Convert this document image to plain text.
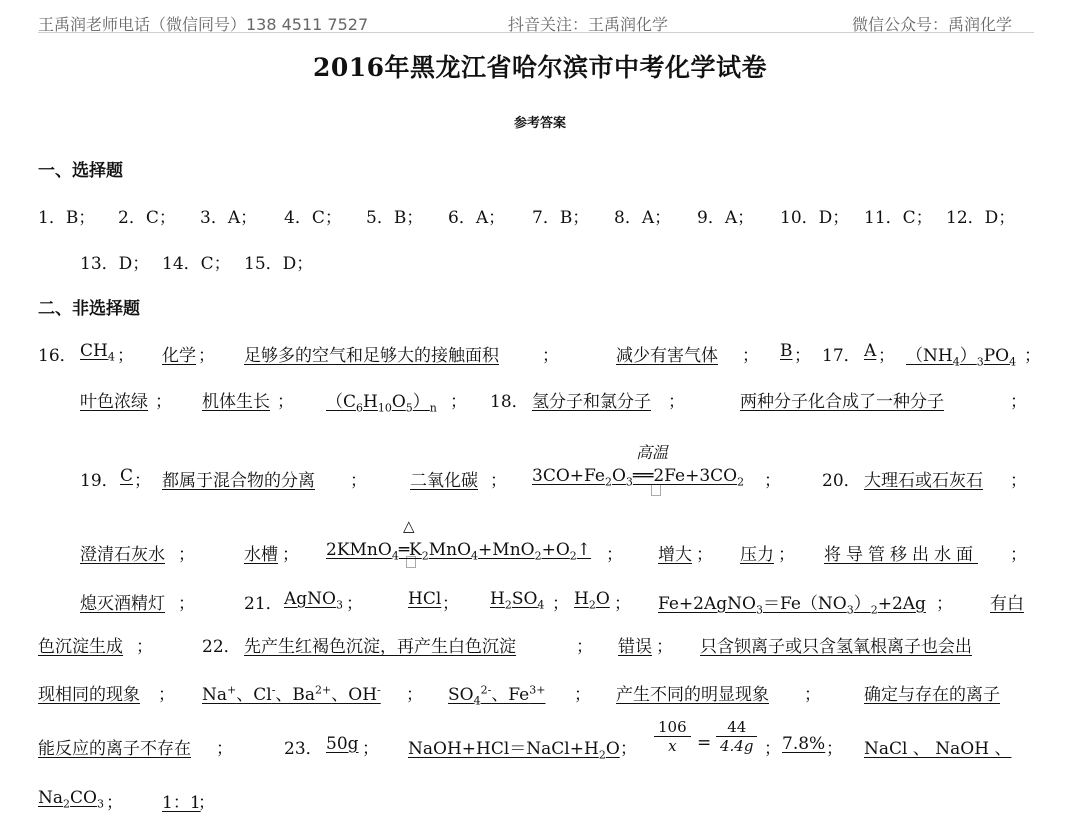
王禹润老师电话（微信同号）138 4511 7527	抖音关注：王禹润化学	微信公众号：禹润化学
2016年黑龙江省哈尔滨市中考化学试卷
参考答案
一、选择题
1．B； 2．C； 3．A； 4．C； 5．B； 6．A； 7．B； 8．A； 9．A； 10．D； 11．C； 12．D；
13．D； 14．C； 15．D；
二、非选择题
16． $CH_4$ ； 化学 ； 足够多的空气和足够大的接触面积	；	减少有害气体 ； B ； 17． A ； $(NH_4)_3PO_4$ ；
叶色浓绿 ； 机体生长 ； $(C_6H_{10}O_5)_n$ ； 18． 氢分子和氯分子 ；	两种分子化合成了一种分子	；
高温
19． C ； 都属于混合物的分离 ；	二氧化碳 ； $3CO+Fe_2O_3══2Fe+3CO_2$ ； 20． 大理石或石灰石 ；
△
澄清石灰水 ；	水槽 ； $2KMnO_4═K_2MnO_4+MnO_2+O_2↑$ ； 增大 ； 压力 ； 将导管移出水面 ；
熄灭酒精灯 ；	21． AgNO$_3$ ；	HCl ； $H_2SO_4$ ； $H_2O$ ； $Fe+2AgNO_3=Fe(NO_3)_2+2Ag$ ； 有白
色沉淀生成 ；	22． 先产生红褐色沉淀，再产生白色沉淀	； 错误 ； 只含钡离子或只含氢氧根离子也会出
现相同的现象 ； Na+、Cl-、$Ba^{2+}$、OH- ； $SO_4^{2-}$、$Fe^{3+}$ ； 产生不同的明显现象 ；	确定与存在的离子
$\frac{106}{x} = \frac{44}{4.4g}$
能反应的离子不存在 ；	23． 50g ； $NaOH+HCl=NaCl+H_2O$ ；	； 7.8% ； NaCl 、 NaOH 、
$Na_2CO_3$ ； 1：1
；
